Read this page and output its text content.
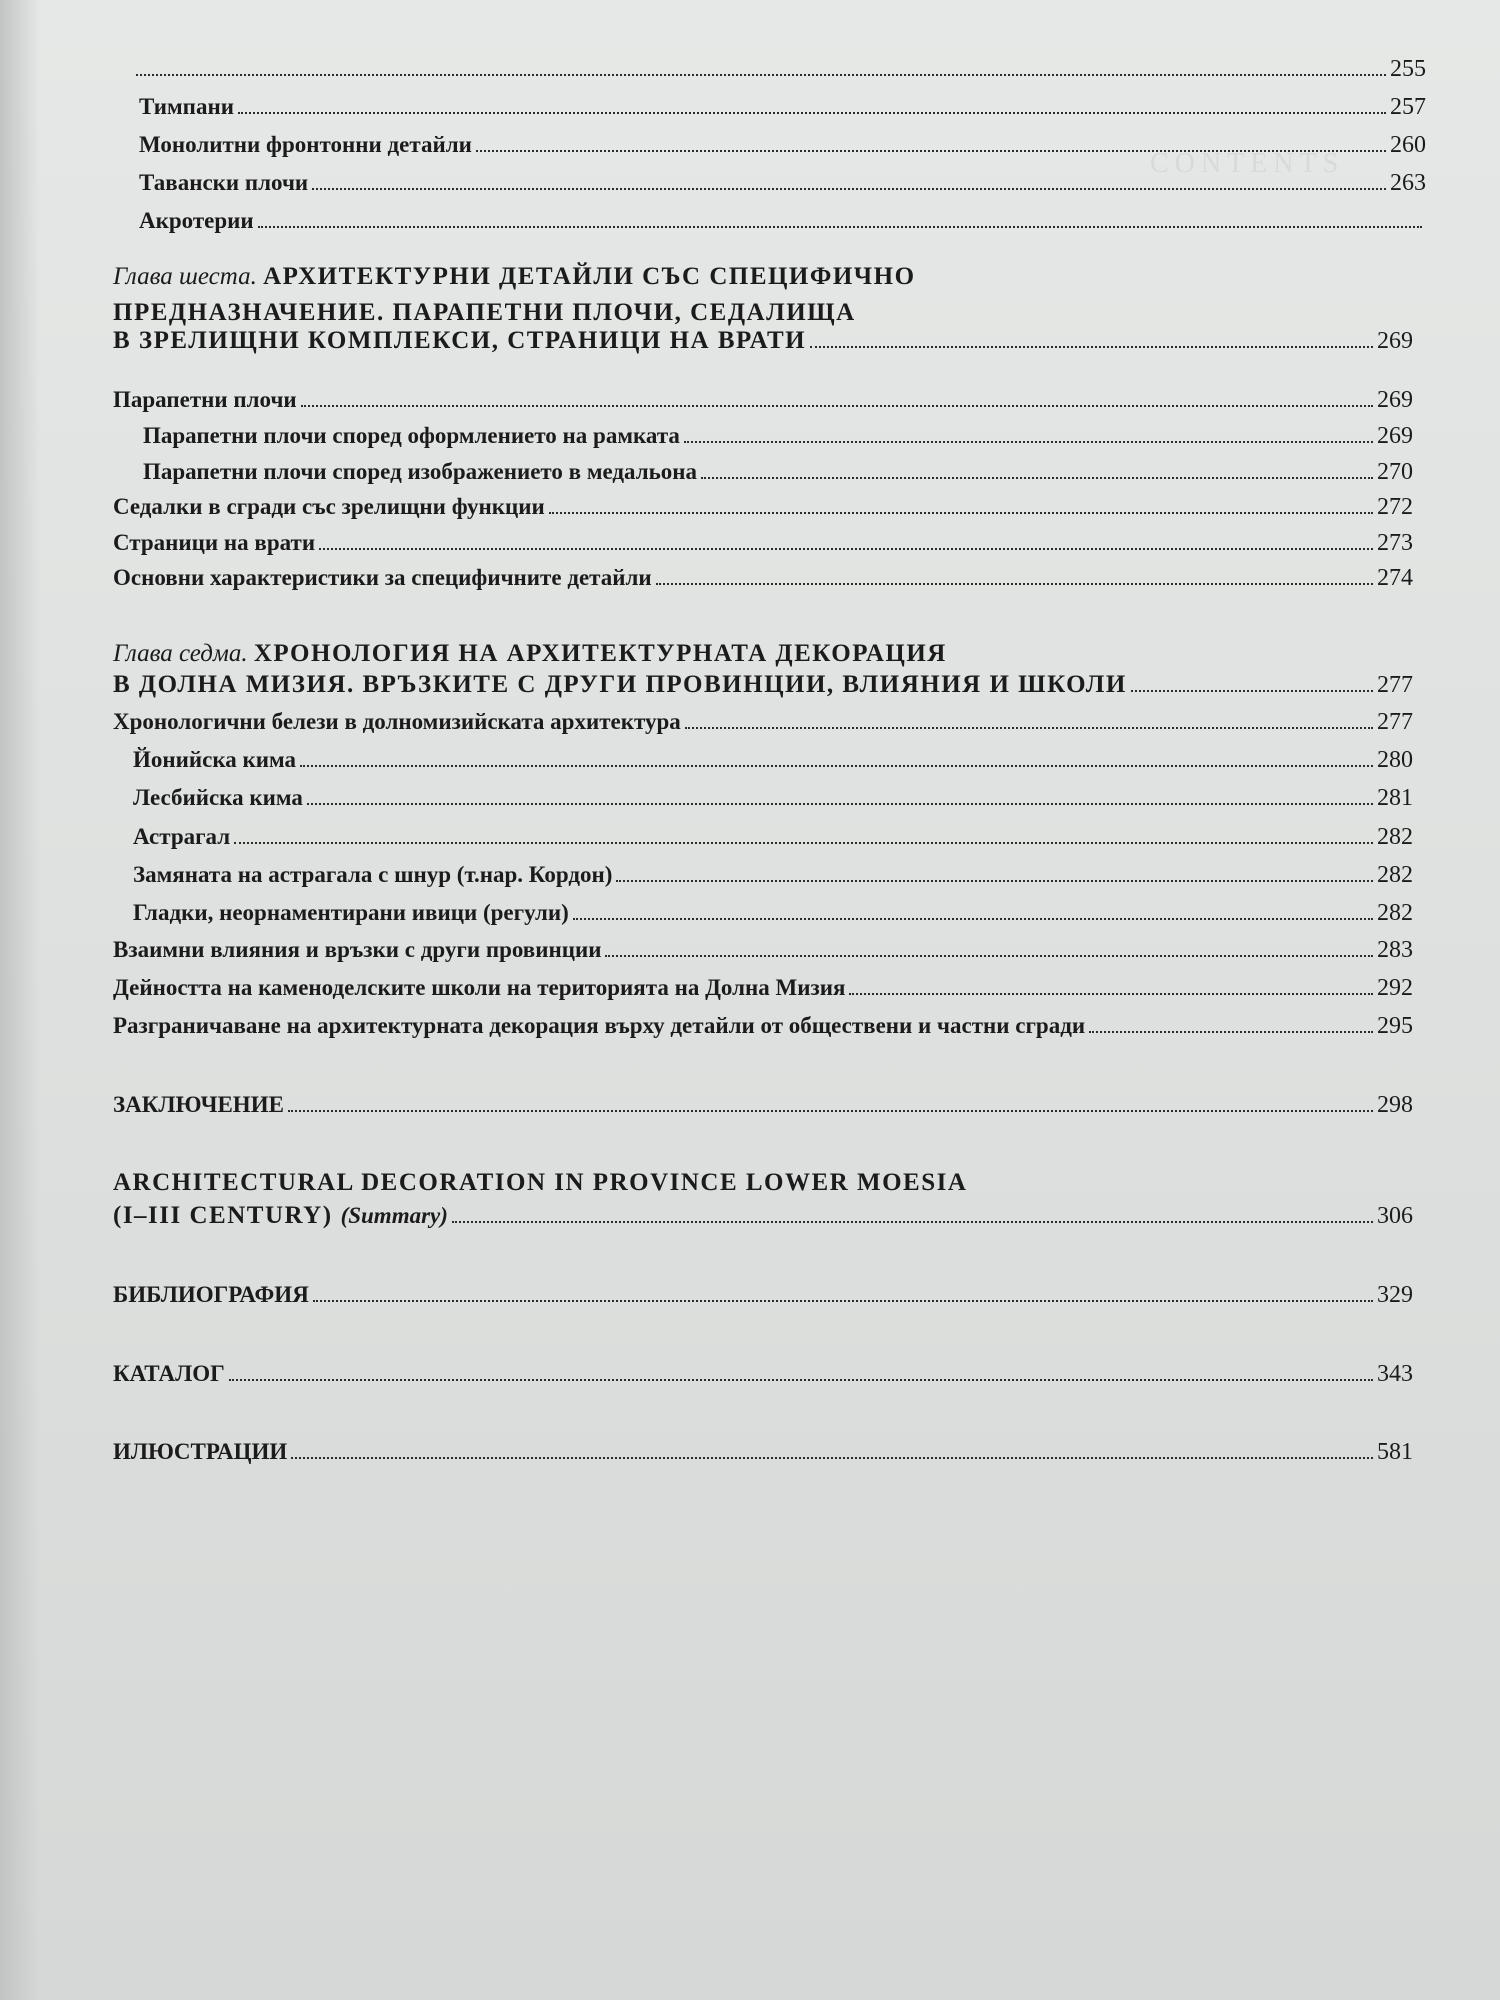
CONTENTS
255
Тимпани	257
Монолитни фронтонни детайли	260
Тавански плочи	263
Акротерии
Глава шеста. АРХИТЕКТУРНИ ДЕТАЙЛИ СЪС СПЕЦИФИЧНО
ПРЕДНАЗНАЧЕНИЕ. ПАРАПЕТНИ ПЛОЧИ, СЕДАЛИЩА
В ЗРЕЛИЩНИ КОМПЛЕКСИ, СТРАНИЦИ НА ВРАТИ	269
Парапетни плочи	269
Парапетни плочи според оформлението на рамката	269
Парапетни плочи според изображението в медальона	270
Седалки в сгради със зрелищни функции	272
Страници на врати	273
Основни характеристики за специфичните детайли	274
Глава седма. ХРОНОЛОГИЯ НА АРХИТЕКТУРНАТА ДЕКОРАЦИЯ
В ДОЛНА МИЗИЯ. ВРЪЗКИТЕ С ДРУГИ ПРОВИНЦИИ, ВЛИЯНИЯ И ШКОЛИ	277
Хронологични белези в долномизийската архитектура	277
Йонийска кима	280
Лесбийска кима	281
Астрагал	282
Замяната на астрагала с шнур (т.нар. Кордон)	282
Гладки, неорнаментирани ивици (регули)	282
Взаимни влияния и връзки с други провинции	283
Дейността на каменоделските школи на територията на Долна Мизия	292
Разграничаване на архитектурната декорация върху детайли от обществени и частни сгради	295
ЗАКЛЮЧЕНИЕ	298
ARCHITECTURAL DECORATION IN PROVINCE LOWER MOESIA
(I–III CENTURY) (Summary)	306
БИБЛИОГРАФИЯ	329
КАТАЛОГ	343
ИЛЮСТРАЦИИ	581
